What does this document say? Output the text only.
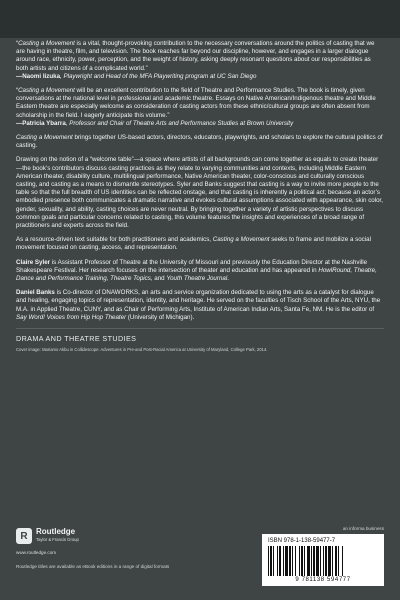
“Casting a Movement is a vital, thought-provoking contribution to the necessary conversations around the politics of casting that we are having in theatre, film, and television. The book reaches far beyond our discipline, however, and engages in a larger dialogue around race, ethnicity, power, perception, and the weight of history, asking deeply resonant questions about our responsibilities as both artists and citizens of a complicated world.”
—Naomi Iizuka, Playwright and Head of the MFA Playwriting program at UC San Diego

“Casting a Movement will be an excellent contribution to the field of Theatre and Performance Studies. The book is timely, given conversations at the national level in professional and academic theatre. Essays on Native American/Indigenous theatre and Middle Eastern theatre are especially welcome as consideration of casting actors from these ethnic/cultural groups are often absent from scholarship in the field. I eagerly anticipate this volume.”
—Patricia Ybarra, Professor and Chair of Theatre Arts and Performance Studies at Brown University

Casting a Movement brings together US-based actors, directors, educators, playwrights, and scholars to explore the cultural politics of casting.

Drawing on the notion of a “welcome table”—a space where artists of all backgrounds can come together as equals to create theater—the book’s contributors discuss casting practices as they relate to varying communities and contexts, including Middle Eastern American theater, disability culture, multilingual performance, Native American theater, color-conscious and culturally conscious casting, and casting as a means to dismantle stereotypes. Syler and Banks suggest that casting is a way to invite more people to the table so that the full breadth of US identities can be reflected onstage, and that casting is inherently a political act; because an actor’s embodied presence both communicates a dramatic narrative and evokes cultural assumptions associated with appearance, skin color, gender, sexuality, and ability, casting choices are never neutral. By bringing together a variety of artistic perspectives to discuss common goals and particular concerns related to casting, this volume features the insights and experiences of a broad range of practitioners and experts across the field.

As a resource-driven text suitable for both practitioners and academics, Casting a Movement seeks to frame and mobilize a social movement focused on casting, access, and representation.

Claire Syler is Assistant Professor of Theatre at the University of Missouri and previously the Education Director at the Nashville Shakespeare Festival. Her research focuses on the intersection of theater and education and has appeared in HowlRound, Theatre, Dance and Performance Training, Theatre Topics, and Youth Theatre Journal.

Daniel Banks is Co-director of DNAWORKS, an arts and service organization dedicated to using the arts as a catalyst for dialogue and healing, engaging topics of representation, identity, and heritage. He served on the faculties of Tisch School of the Arts, NYU, the M.A. in Applied Theatre, CUNY, and as Chair of Performing Arts, Institute of American Indian Arts, Santa Fe, NM. He is the editor of Say Word! Voices from Hip Hop Theater (University of Michigan).

DRAMA AND THEATRE STUDIES
Cover image: Mariamo Akbu in Collidescope: Adventures in Pre-and Post-Racial America at University of Maryland, College Park, 2014.
R	Routledge
Taylor & Francis Group
www.routledge.com
Routledge titles are available as eBook editions in a range of digital formats
an informa business
ISBN 978-1-138-59477-7
9 781138 594777
